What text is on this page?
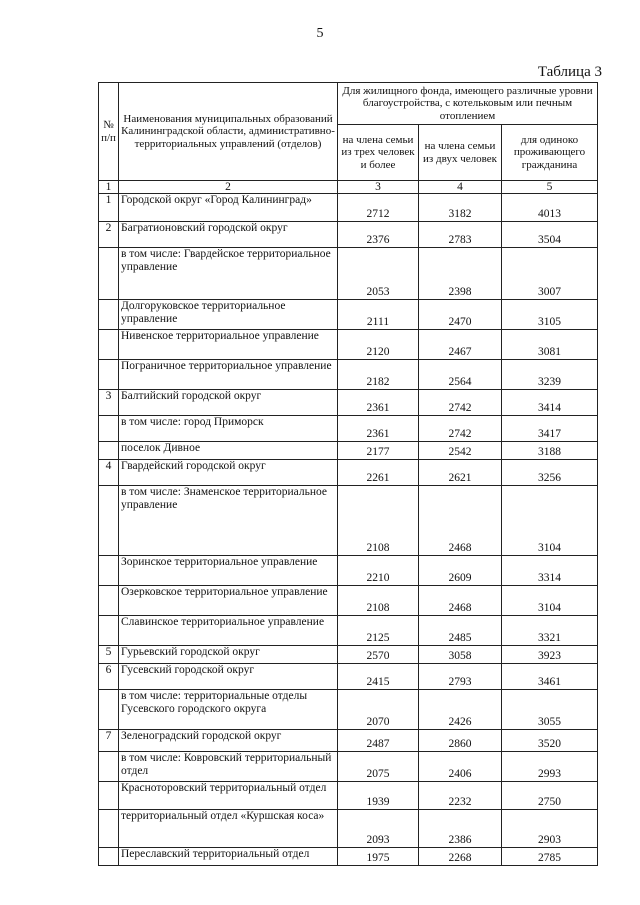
5
Таблица 3
№ п/п	Наименования муниципальных образований Калининградской области, административно-территориальных управлений (отделов)	Для жилищного фонда, имеющего различные уровни благоустройства, с котельковым или печным отоплением		
		на члена семьи из трех человек и более	на члена семьи из двух человек	для одиноко проживающего гражданина
1	2	3	4	5
1	Городской округ «Город Калининград»	2712	3182	4013
2	Багратионовский городской округ	2376	2783	3504
	в том числе: Гвардейское территориальное управление	2053	2398	3007
	Долгоруковское территориальное управление	2111	2470	3105
	Нивенское территориальное управление	2120	2467	3081
	Пограничное территориальное управление	2182	2564	3239
3	Балтийский городской округ	2361	2742	3414
	в том числе: город Приморск	2361	2742	3417
	поселок Дивное	2177	2542	3188
4	Гвардейский городской округ	2261	2621	3256
	в том числе: Знаменское территориальное управление	2108	2468	3104
	Зоринское территориальное управление	2210	2609	3314
	Озерковское территориальное управление	2108	2468	3104
	Славинское территориальное управление	2125	2485	3321
5	Гурьевский городской округ	2570	3058	3923
6	Гусевский городской округ	2415	2793	3461
	в том числе: территориальные отделы Гусевского городского округа	2070	2426	3055
7	Зеленоградский городской округ	2487	2860	3520
	в том числе: Ковровский территориальный отдел	2075	2406	2993
	Красноторовский территориальный отдел	1939	2232	2750
	территориальный отдел «Куршская коса»	2093	2386	2903
	Переславский территориальный отдел	1975	2268	2785
